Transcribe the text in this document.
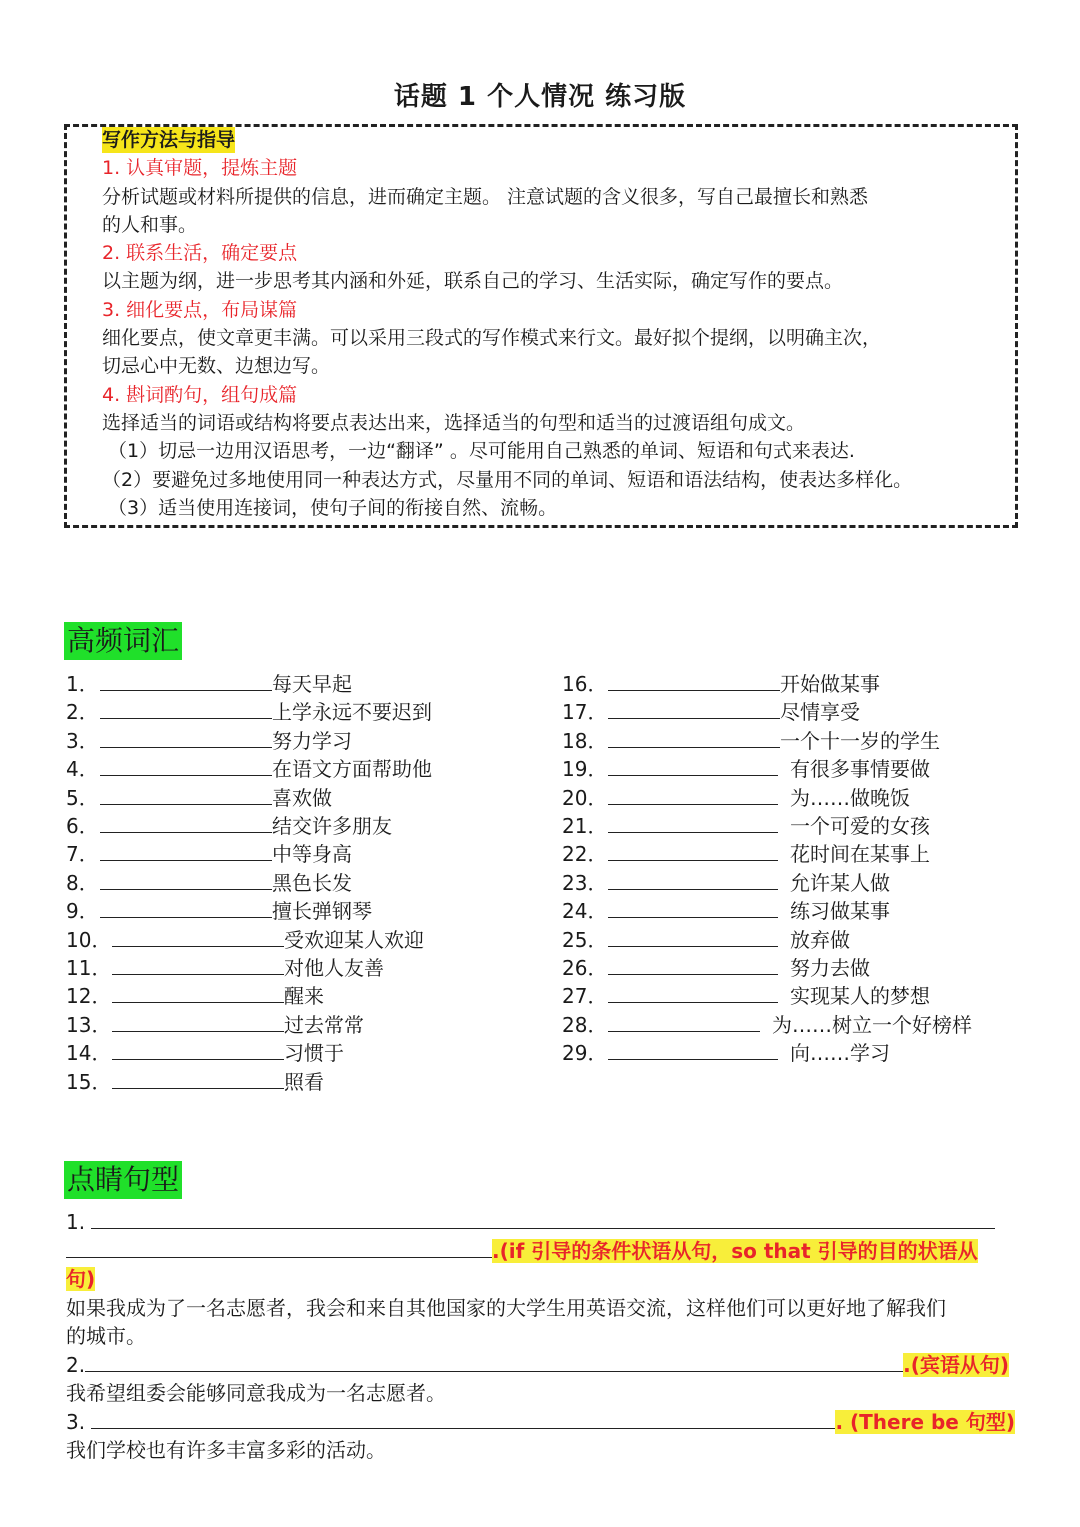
话题 1 个人情况 练习版
写作方法与指导
1. 认真审题，提炼主题
分析试题或材料所提供的信息，进而确定主题。 注意试题的含义很多，写自己最擅长和熟悉
的人和事。
2. 联系生活，确定要点
以主题为纲，进一步思考其内涵和外延，联系自己的学习、生活实际，确定写作的要点。
3. 细化要点，布局谋篇
细化要点，使文章更丰满。可以采用三段式的写作模式来行文。最好拟个提纲，以明确主次，
切忌心中无数、边想边写。
4. 斟词酌句，组句成篇
选择适当的词语或结构将要点表达出来，选择适当的句型和适当的过渡语组句成文。
（1）切忌一边用汉语思考，一边“翻译” 。尽可能用自己熟悉的单词、短语和句式来表达.
（2）要避免过多地使用同一种表达方式，尽量用不同的单词、短语和语法结构，使表达多样化。
（3）适当使用连接词，使句子间的衔接自然、流畅。
高频词汇
1．	每天早起
2．	上学永远不要迟到
3．	努力学习
4．	在语文方面帮助他
5．	喜欢做
6．	结交许多朋友
7．	中等身高
8．	黑色长发
9．	擅长弹钢琴
10．	受欢迎某人欢迎
11．	对他人友善
12．	醒来
13．	过去常常
14．	习惯于
15．	照看
16．	开始做某事
17．	尽情享受
18．	一个十一岁的学生
19．	有很多事情要做
20．	为……做晚饭
21．	一个可爱的女孩
22．	花时间在某事上
23．	允许某人做
24．	练习做某事
25．	放弃做
26．	努力去做
27．	实现某人的梦想
28．	为……树立一个好榜样
29．	向……学习
点睛句型
1.
.(if 引导的条件状语从句，so that 引导的目的状语从
句)
如果我成为了一名志愿者，我会和来自其他国家的大学生用英语交流，这样他们可以更好地了解我们
的城市。
2.	.(宾语从句)
我希望组委会能够同意我成为一名志愿者。
3.	. (There be 句型)
我们学校也有许多丰富多彩的活动。
